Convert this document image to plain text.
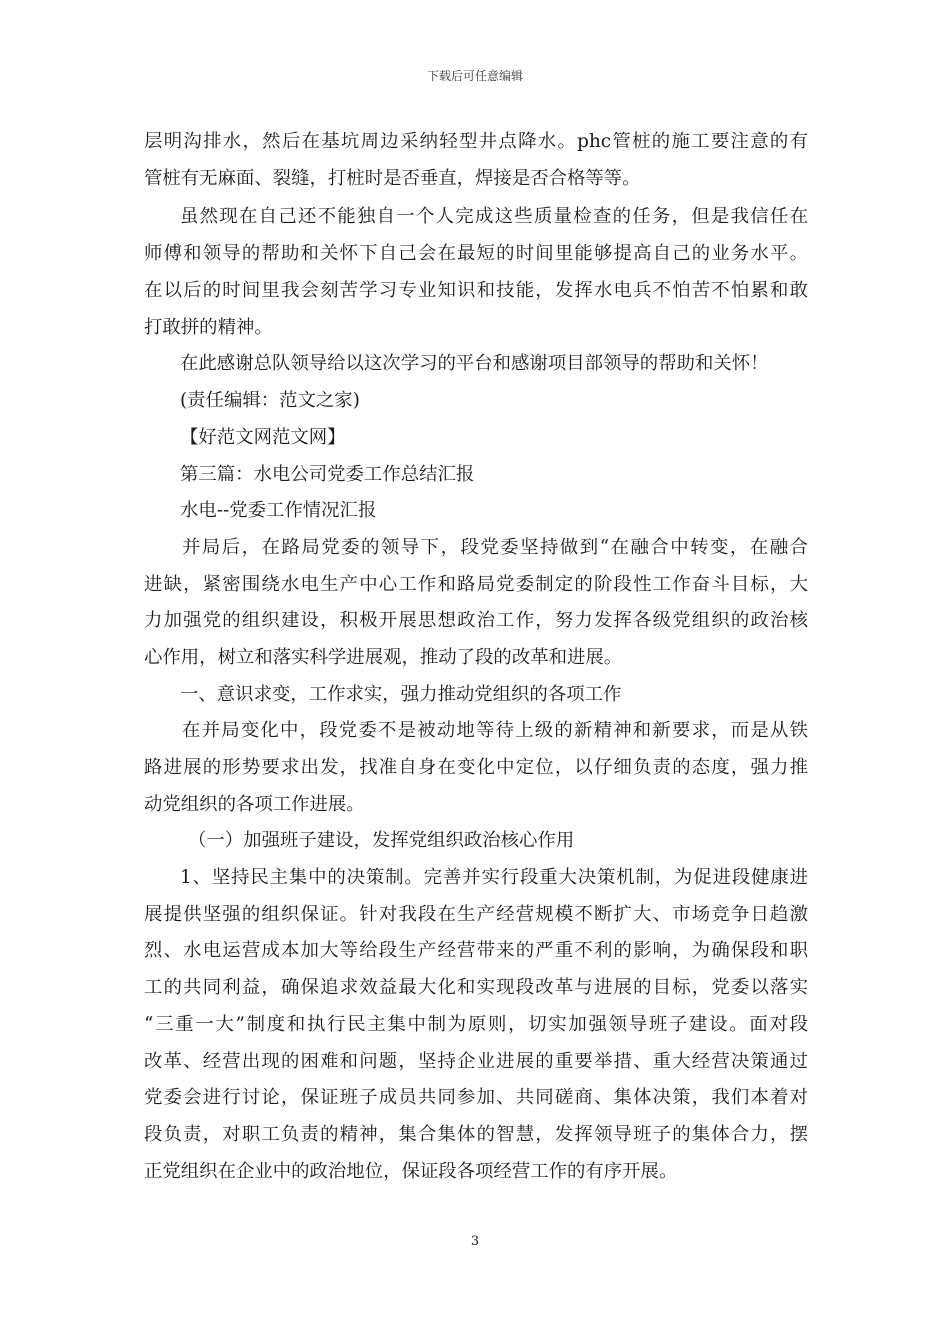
下载后可任意编辑
层明沟排水，然后在基坑周边采纳轻型井点降水。phc管桩的施工要注意的有
管桩有无麻面、裂缝，打桩时是否垂直，焊接是否合格等等。
虽然现在自己还不能独自一个人完成这些质量检查的任务，但是我信任在
师傅和领导的帮助和关怀下自己会在最短的时间里能够提高自己的业务水平。
在以后的时间里我会刻苦学习专业知识和技能，发挥水电兵不怕苦不怕累和敢
打敢拼的精神。
在此感谢总队领导给以这次学习的平台和感谢项目部领导的帮助和关怀！
(责任编辑：范文之家)
【好范文网范文网】
第三篇：水电公司党委工作总结汇报
水电--党委工作情况汇报
并局后，在路局党委的领导下，段党委坚持做到“在融合中转变，在融合
进缺，紧密围绕水电生产中心工作和路局党委制定的阶段性工作奋斗目标，大
力加强党的组织建设，积极开展思想政治工作，努力发挥各级党组织的政治核
心作用，树立和落实科学进展观，推动了段的改革和进展。
一、意识求变，工作求实，强力推动党组织的各项工作
在并局变化中，段党委不是被动地等待上级的新精神和新要求，而是从铁
路进展的形势要求出发，找准自身在变化中定位，以仔细负责的态度，强力推
动党组织的各项工作进展。
（一）加强班子建设，发挥党组织政治核心作用
1、坚持民主集中的决策制。完善并实行段重大决策机制，为促进段健康进
展提供坚强的组织保证。针对我段在生产经营规模不断扩大、市场竞争日趋激
烈、水电运营成本加大等给段生产经营带来的严重不利的影响，为确保段和职
工的共同利益，确保追求效益最大化和实现段改革与进展的目标，党委以落实
“三重一大”制度和执行民主集中制为原则，切实加强领导班子建设。面对段
改革、经营出现的困难和问题，坚持企业进展的重要举措、重大经营决策通过
党委会进行讨论，保证班子成员共同参加、共同磋商、集体决策，我们本着对
段负责，对职工负责的精神，集合集体的智慧，发挥领导班子的集体合力，摆
正党组织在企业中的政治地位，保证段各项经营工作的有序开展。
3
